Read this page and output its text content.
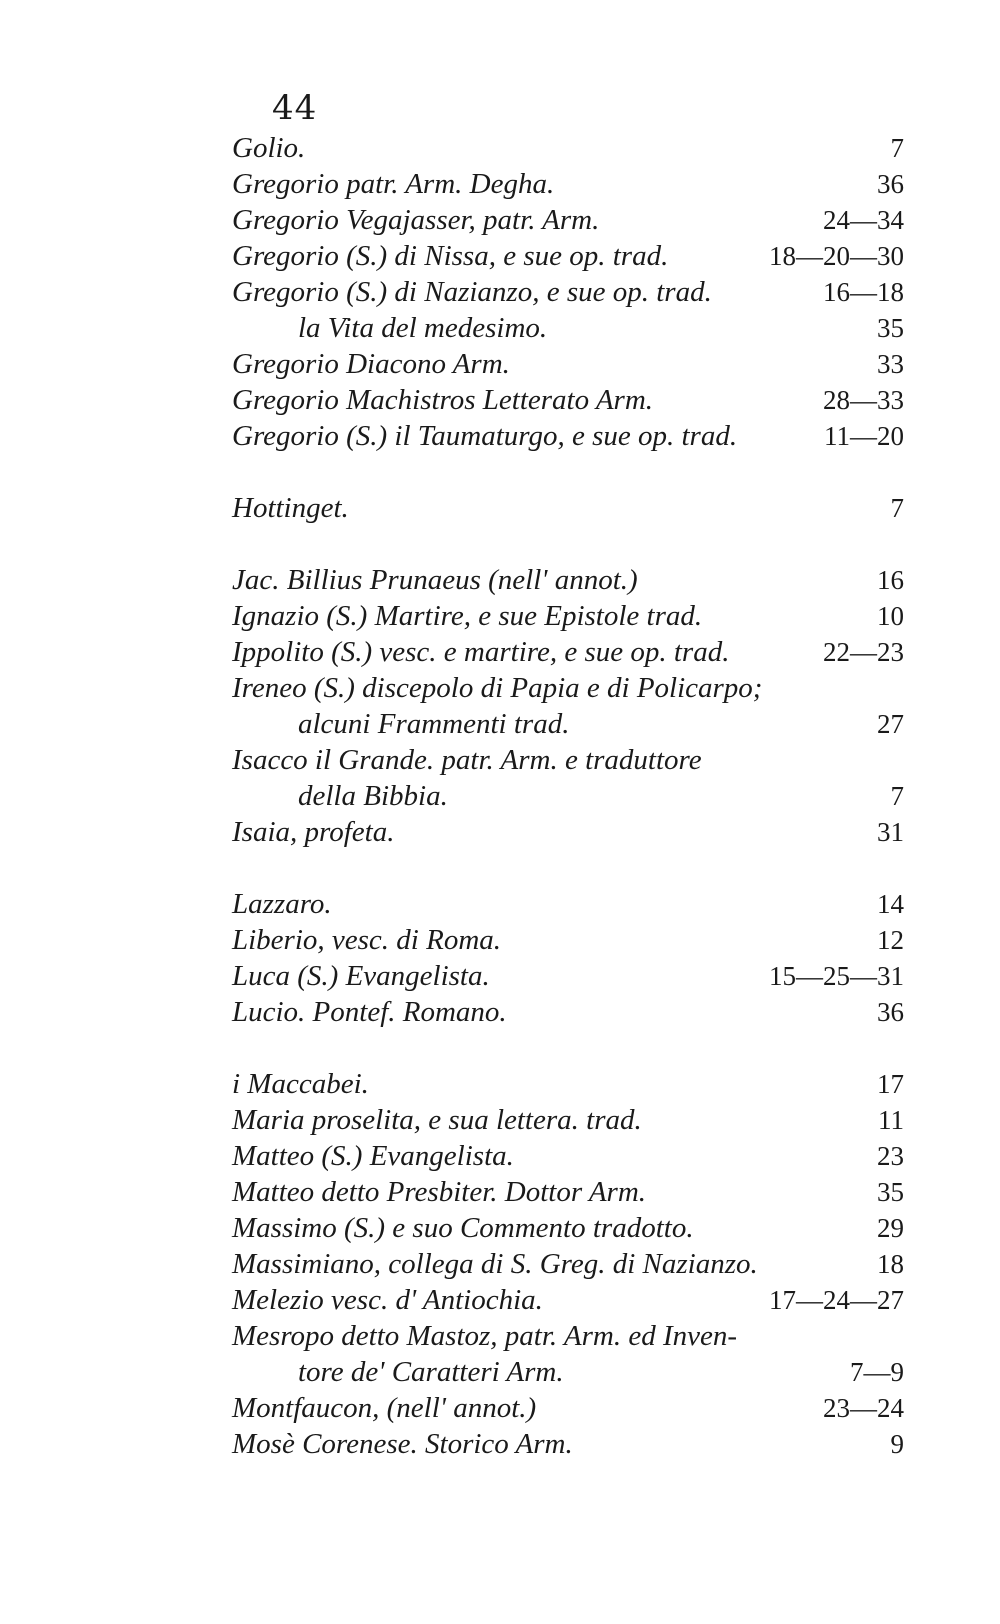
44
Golio.	7
Gregorio patr. Arm. Degha.	36
Gregorio Vegajasser, patr. Arm.	24—34
Gregorio (S.) di Nissa, e sue op. trad.	18—20—30
Gregorio (S.) di Nazianzo, e sue op. trad.	16—18
la Vita del medesimo.	35
Gregorio Diacono Arm.	33
Gregorio Machistros Letterato Arm.	28—33
Gregorio (S.) il Taumaturgo, e sue op. trad.	11—20
Hottinget.	7
Jac. Billius Prunaeus (nell' annot.)	16
Ignazio (S.) Martire, e sue Epistole trad.	10
Ippolito (S.) vesc. e martire, e sue op. trad.	22—23
Ireneo (S.) discepolo di Papia e di Policarpo;
alcuni Frammenti trad.	27
Isacco il Grande. patr. Arm. e traduttore
della Bibbia.	7
Isaia, profeta.	31
Lazzaro.	14
Liberio, vesc. di Roma.	12
Luca (S.) Evangelista.	15—25—31
Lucio. Pontef. Romano.	36
i Maccabei.	17
Maria proselita, e sua lettera. trad.	11
Matteo (S.) Evangelista.	23
Matteo detto Presbiter. Dottor Arm.	35
Massimo (S.) e suo Commento tradotto.	29
Massimiano, collega di S. Greg. di Nazianzo.	18
Melezio vesc. d' Antiochia.	17—24—27
Mesropo detto Mastoz, patr. Arm. ed Inven-
tore de' Caratteri Arm.	7—9
Montfaucon, (nell' annot.)	23—24
Mosè Corenese. Storico Arm.	9
